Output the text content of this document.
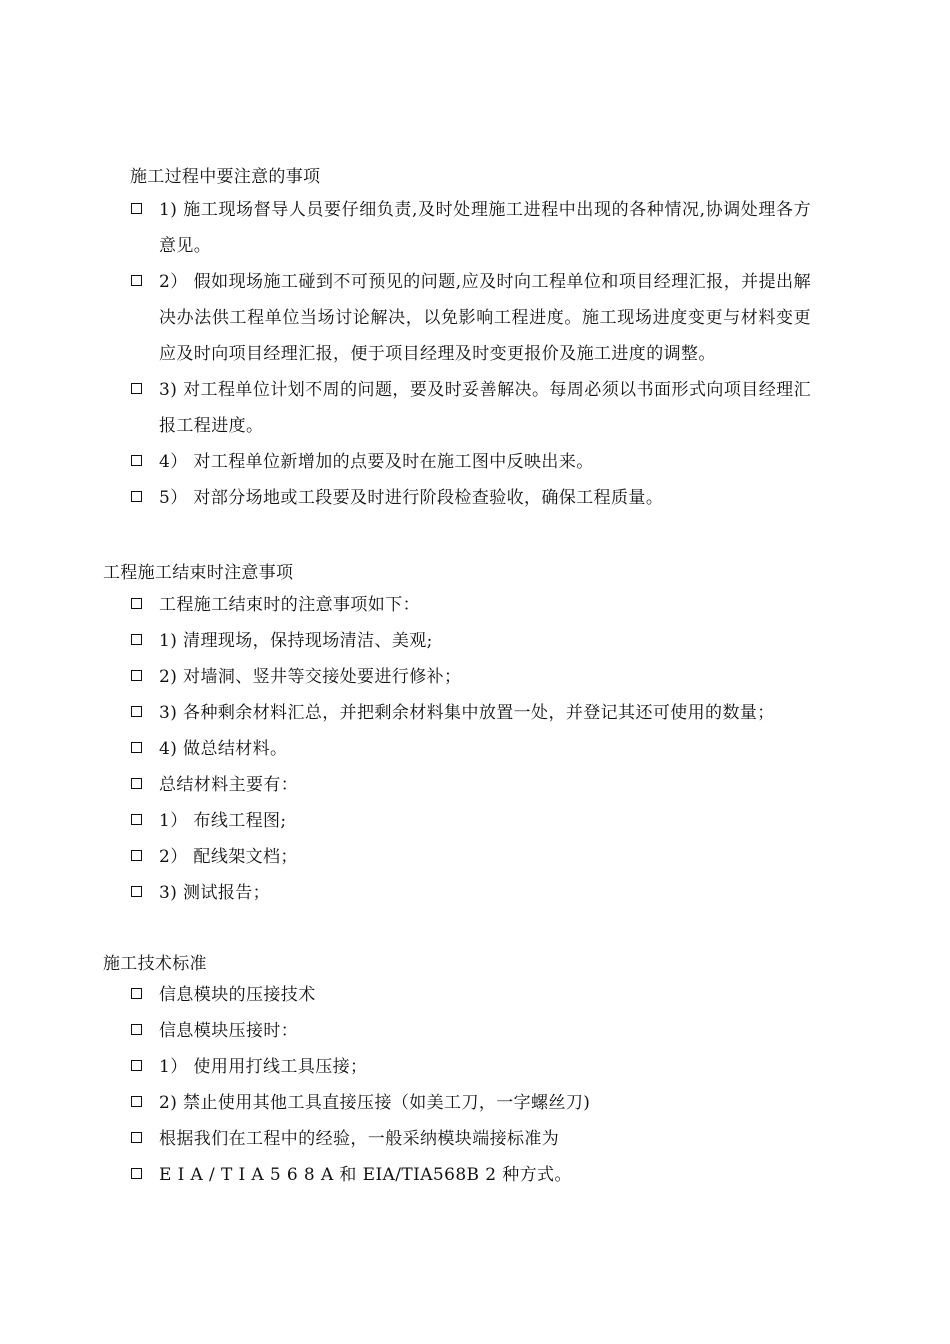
施工过程中要注意的事项
1) 施工现场督导人员要仔细负责,及时处理施工进程中出现的各种情况,协调处理各方意见。
2） 假如现场施工碰到不可预见的问题,应及时向工程单位和项目经理汇报，并提出解决办法供工程单位当场讨论解决，以免影响工程进度。施工现场进度变更与材料变更应及时向项目经理汇报，便于项目经理及时变更报价及施工进度的调整。
3) 对工程单位计划不周的问题，要及时妥善解决。每周必须以书面形式向项目经理汇报工程进度。
4） 对工程单位新增加的点要及时在施工图中反映出来。
5） 对部分场地或工段要及时进行阶段检查验收，确保工程质量。
工程施工结束时注意事项
工程施工结束时的注意事项如下：
1) 清理现场，保持现场清洁、美观;
2) 对墙洞、竖井等交接处要进行修补；
3) 各种剩余材料汇总，并把剩余材料集中放置一处，并登记其还可使用的数量；
4) 做总结材料。
总结材料主要有：
1） 布线工程图;
2） 配线架文档；
3) 测试报告；
施工技术标准
信息模块的压接技术
信息模块压接时：
1） 使用用打线工具压接；
2) 禁止使用其他工具直接压接（如美工刀，一字螺丝刀)
根据我们在工程中的经验，一般采纳模块端接标准为
E I A / T I A 5 6 8 A 和 EIA/TIA568B 2 种方式。
